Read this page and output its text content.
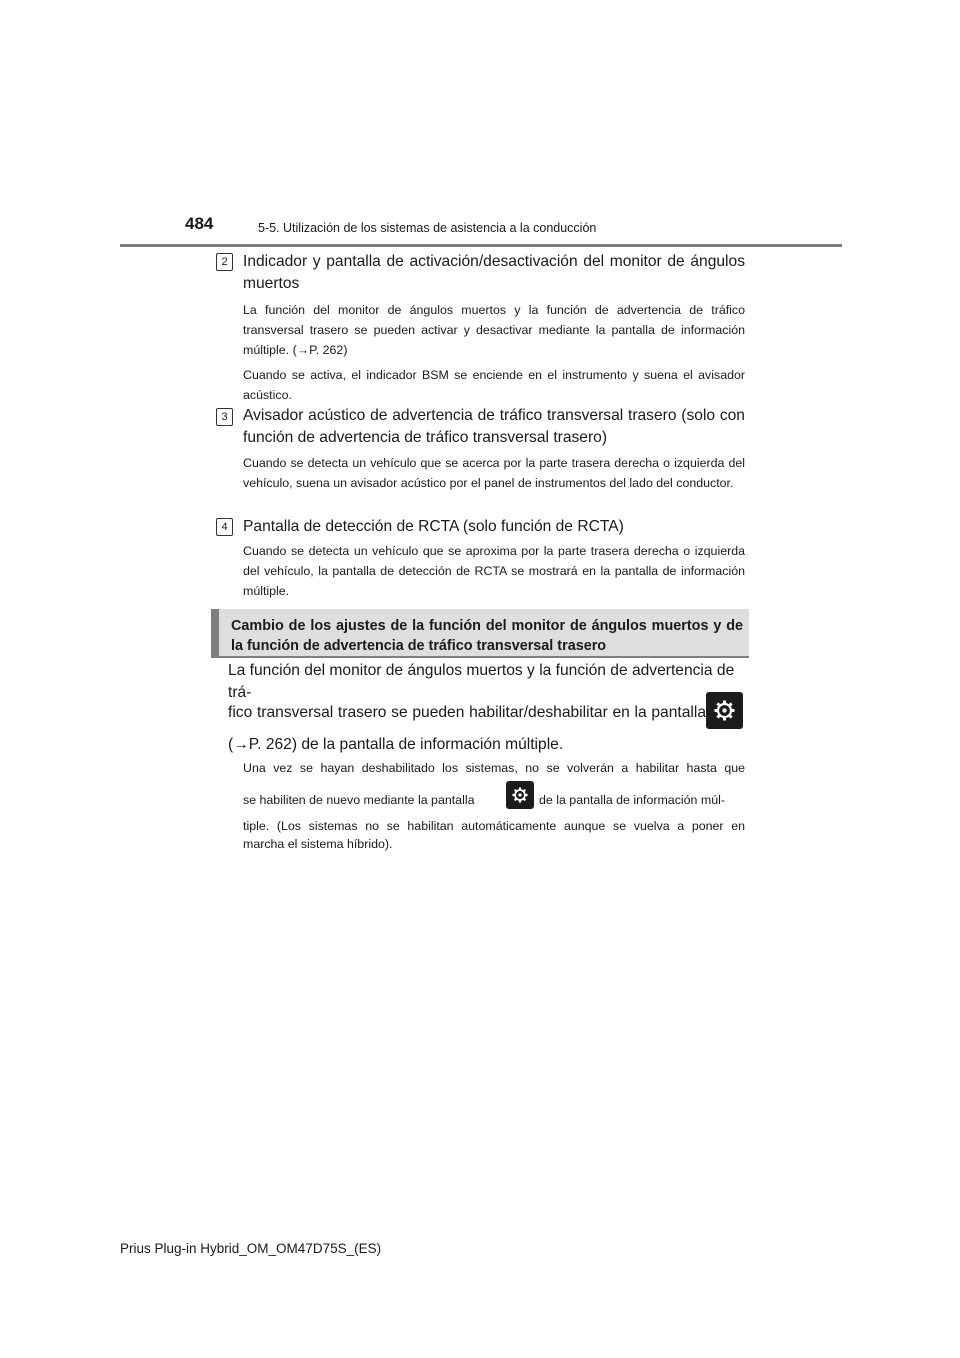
484	5-5. Utilización de los sistemas de asistencia a la conducción
2 Indicador y pantalla de activación/desactivación del monitor de ángulos muertos

La función del monitor de ángulos muertos y la función de advertencia de tráfico transversal trasero se pueden activar y desactivar mediante la pantalla de información múltiple. (→P. 262)

Cuando se activa, el indicador BSM se enciende en el instrumento y suena el avisador acústico.

3 Avisador acústico de advertencia de tráfico transversal trasero (solo con función de advertencia de tráfico transversal trasero)

Cuando se detecta un vehículo que se acerca por la parte trasera derecha o izquierda del vehículo, suena un avisador acústico por el panel de instrumentos del lado del conductor.

4 Pantalla de detección de RCTA (solo función de RCTA)

Cuando se detecta un vehículo que se aproxima por la parte trasera derecha o izquierda del vehículo, la pantalla de detección de RCTA se mostrará en la pantalla de información múltiple.

Cambio de los ajustes de la función del monitor de ángulos muertos y de la función de advertencia de tráfico transversal trasero
La función del monitor de ángulos muertos y la función de advertencia de trá-
fico transversal trasero se pueden habilitar/deshabilitar en la pantalla
(→P. 262) de la pantalla de información múltiple.
Una vez se hayan deshabilitado los sistemas, no se volverán a habilitar hasta que
se habiliten de nuevo mediante la pantalla	de la pantalla de información múl-
tiple. (Los sistemas no se habilitan automáticamente aunque se vuelva a poner en
marcha el sistema híbrido).
Prius Plug-in Hybrid_OM_OM47D75S_(ES)
